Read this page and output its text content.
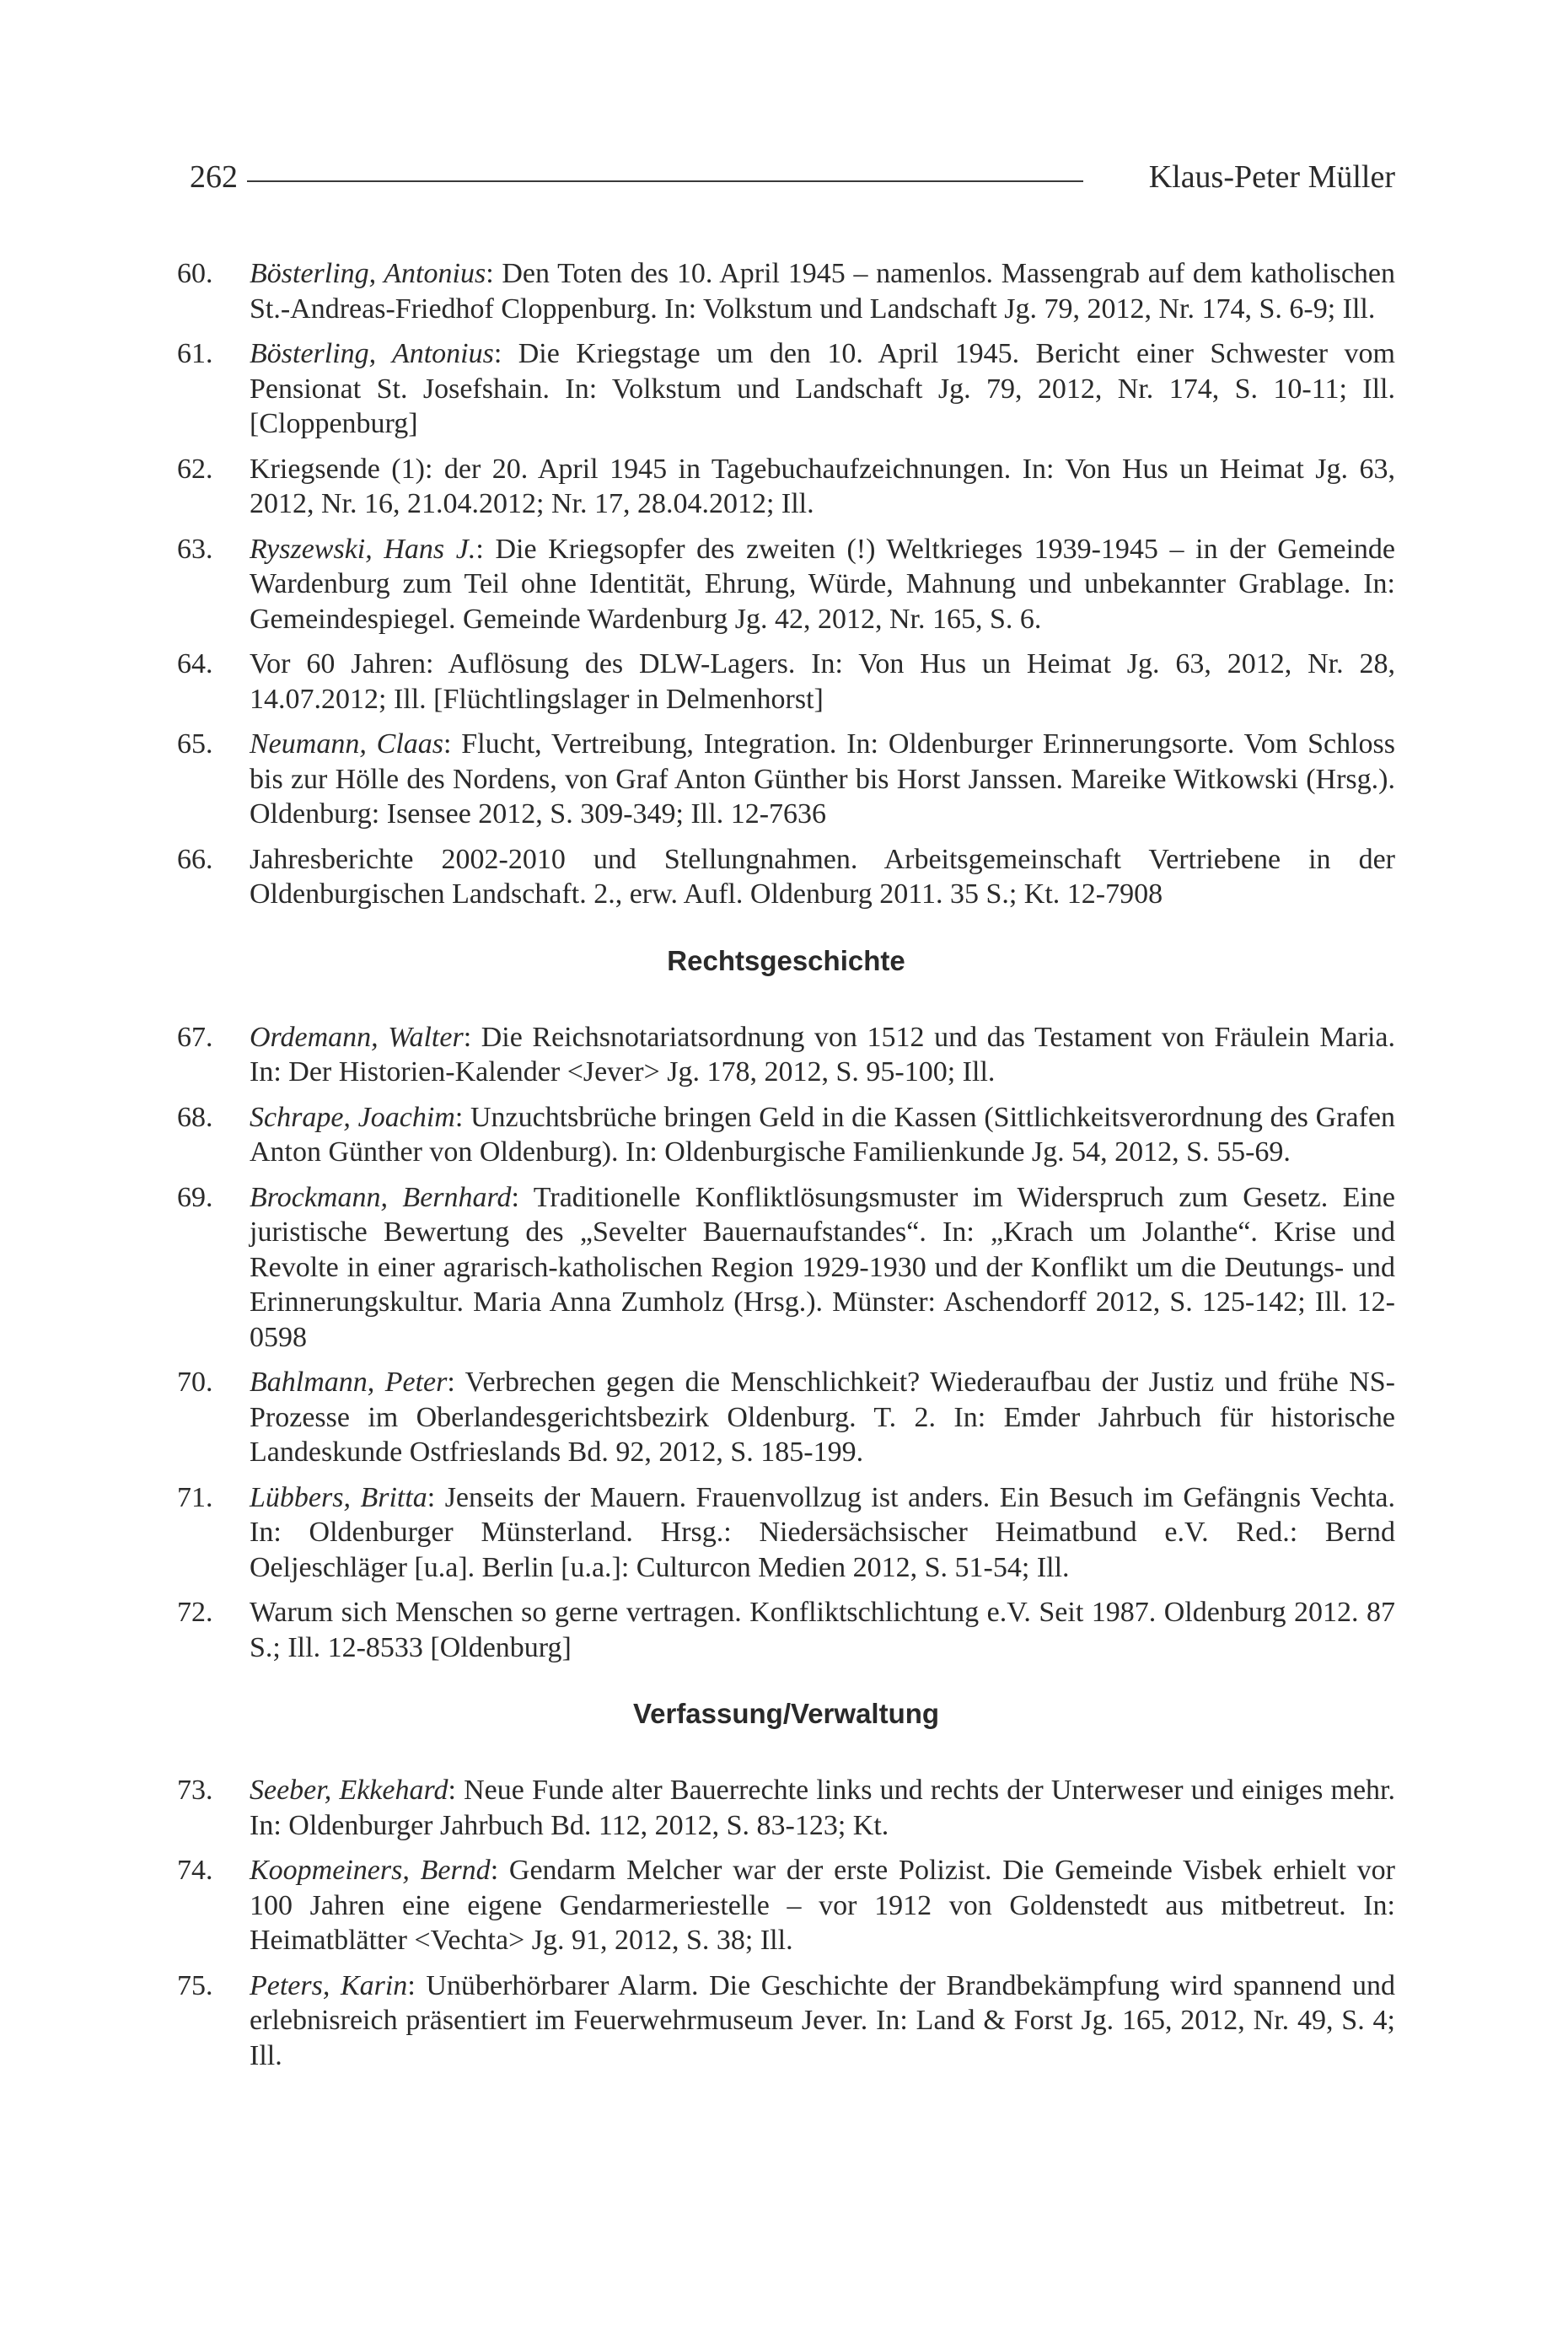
262	Klaus-Peter Müller
60.	Bösterling, Antonius: Den Toten des 10. April 1945 – namenlos. Massengrab auf dem katholischen St.-Andreas-Friedhof Cloppenburg. In: Volkstum und Landschaft Jg. 79, 2012, Nr. 174, S. 6-9; Ill.
61.	Bösterling, Antonius: Die Kriegstage um den 10. April 1945. Bericht einer Schwester vom Pensionat St. Josefshain. In: Volkstum und Landschaft Jg. 79, 2012, Nr. 174, S. 10-11; Ill. [Cloppenburg]
62.	Kriegsende (1): der 20. April 1945 in Tagebuchaufzeichnungen. In: Von Hus un Heimat Jg. 63, 2012, Nr. 16, 21.04.2012; Nr. 17, 28.04.2012; Ill.
63.	Ryszewski, Hans J.: Die Kriegsopfer des zweiten (!) Weltkrieges 1939-1945 – in der Gemeinde Wardenburg zum Teil ohne Identität, Ehrung, Würde, Mahnung und unbekannter Grablage. In: Gemeindespiegel. Gemeinde Wardenburg Jg. 42, 2012, Nr. 165, S. 6.
64.	Vor 60 Jahren: Auflösung des DLW-Lagers. In: Von Hus un Heimat Jg. 63, 2012, Nr. 28, 14.07.2012; Ill. [Flüchtlingslager in Delmenhorst]
65.	Neumann, Claas: Flucht, Vertreibung, Integration. In: Oldenburger Erinnerungsorte. Vom Schloss bis zur Hölle des Nordens, von Graf Anton Günther bis Horst Janssen. Mareike Witkowski (Hrsg.). Oldenburg: Isensee 2012, S. 309-349; Ill. 12-7636
66.	Jahresberichte 2002-2010 und Stellungnahmen. Arbeitsgemeinschaft Vertriebene in der Oldenburgischen Landschaft. 2., erw. Aufl. Oldenburg 2011. 35 S.; Kt. 12-7908
Rechtsgeschichte
67.	Ordemann, Walter: Die Reichsnotariatsordnung von 1512 und das Testament von Fräulein Maria. In: Der Historien-Kalender <Jever> Jg. 178, 2012, S. 95-100; Ill.
68.	Schrape, Joachim: Unzuchtsbrüche bringen Geld in die Kassen (Sittlichkeitsverordnung des Grafen Anton Günther von Oldenburg). In: Oldenburgische Familienkunde Jg. 54, 2012, S. 55-69.
69.	Brockmann, Bernhard: Traditionelle Konfliktlösungsmuster im Widerspruch zum Gesetz. Eine juristische Bewertung des „Sevelter Bauernaufstandes“. In: „Krach um Jolanthe“. Krise und Revolte in einer agrarisch-katholischen Region 1929-1930 und der Konflikt um die Deutungs- und Erinnerungskultur. Maria Anna Zumholz (Hrsg.). Münster: Aschendorff 2012, S. 125-142; Ill. 12-0598
70.	Bahlmann, Peter: Verbrechen gegen die Menschlichkeit? Wiederaufbau der Justiz und frühe NS-Prozesse im Oberlandesgerichtsbezirk Oldenburg. T. 2. In: Emder Jahrbuch für historische Landeskunde Ostfrieslands Bd. 92, 2012, S. 185-199.
71.	Lübbers, Britta: Jenseits der Mauern. Frauenvollzug ist anders. Ein Besuch im Gefängnis Vechta. In: Oldenburger Münsterland. Hrsg.: Niedersächsischer Heimatbund e.V. Red.: Bernd Oeljeschläger [u.a]. Berlin [u.a.]: Culturcon Medien 2012, S. 51-54; Ill.
72.	Warum sich Menschen so gerne vertragen. Konfliktschlichtung e.V. Seit 1987. Oldenburg 2012. 87 S.; Ill. 12-8533 [Oldenburg]
Verfassung/Verwaltung
73.	Seeber, Ekkehard: Neue Funde alter Bauerrechte links und rechts der Unterweser und einiges mehr. In: Oldenburger Jahrbuch Bd. 112, 2012, S. 83-123; Kt.
74.	Koopmeiners, Bernd: Gendarm Melcher war der erste Polizist. Die Gemeinde Visbek erhielt vor 100 Jahren eine eigene Gendarmeriestelle – vor 1912 von Goldenstedt aus mitbetreut. In: Heimatblätter <Vechta> Jg. 91, 2012, S. 38; Ill.
75.	Peters, Karin: Unüberhörbarer Alarm. Die Geschichte der Brandbekämpfung wird spannend und erlebnisreich präsentiert im Feuerwehrmuseum Jever. In: Land & Forst Jg. 165, 2012, Nr. 49, S. 4; Ill.
